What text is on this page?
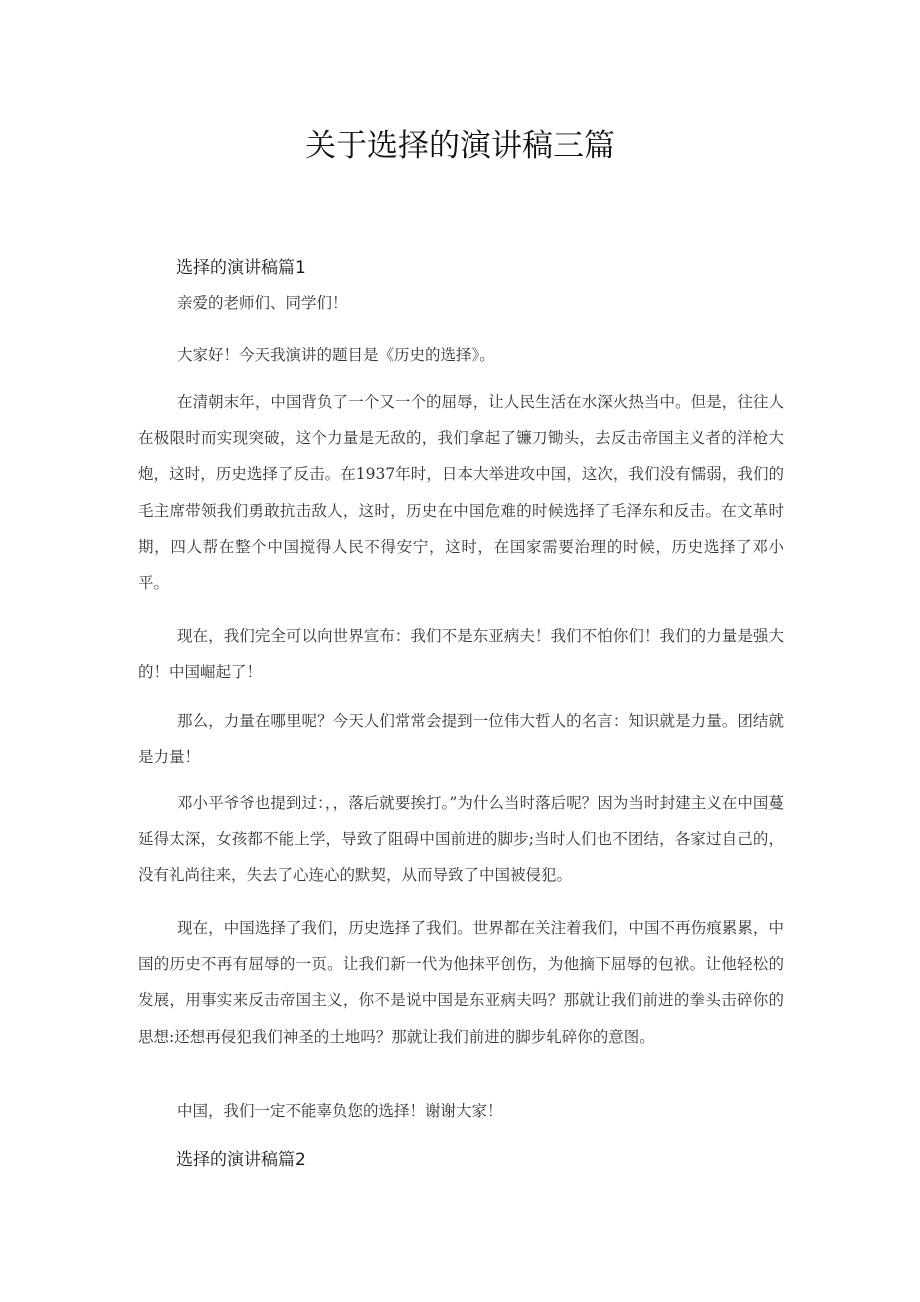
关于选择的演讲稿三篇
选择的演讲稿篇1

亲爱的老师们、同学们！

大家好！今天我演讲的题目是《历史的选择》。

在清朝末年，中国背负了一个又一个的屈辱，让人民生活在水深火热当中。但是，往往人在极限时而实现突破，这个力量是无敌的，我们拿起了镰刀锄头，去反击帝国主义者的洋枪大炮，这时，历史选择了反击。在1937年时，日本大举进攻中国，这次，我们没有懦弱，我们的毛主席带领我们勇敢抗击敌人，这时，历史在中国危难的时候选择了毛泽东和反击。在文革时期，四人帮在整个中国搅得人民不得安宁，这时，在国家需要治理的时候，历史选择了邓小平。

现在，我们完全可以向世界宣布：我们不是东亚病夫！我们不怕你们！我们的力量是强大的！中国崛起了！

那么，力量在哪里呢？今天人们常常会提到一位伟大哲人的名言：知识就是力量。团结就是力量！

邓小平爷爷也提到过：，，落后就要挨打。”为什么当时落后呢？因为当时封建主义在中国蔓延得太深，女孩都不能上学，导致了阻碍中国前进的脚步;当时人们也不团结，各家过自己的，没有礼尚往来，失去了心连心的默契，从而导致了中国被侵犯。

现在，中国选择了我们，历史选择了我们。世界都在关注着我们，中国不再伤痕累累，中国的历史不再有屈辱的一页。让我们新一代为他抹平创伤，为他摘下屈辱的包袱。让他轻松的发展，用事实来反击帝国主义，你不是说中国是东亚病夫吗？那就让我们前进的拳头击碎你的思想:还想再侵犯我们神圣的土地吗？那就让我们前进的脚步轧碎你的意图。

中国，我们一定不能辜负您的选择！谢谢大家！

选择的演讲稿篇2
